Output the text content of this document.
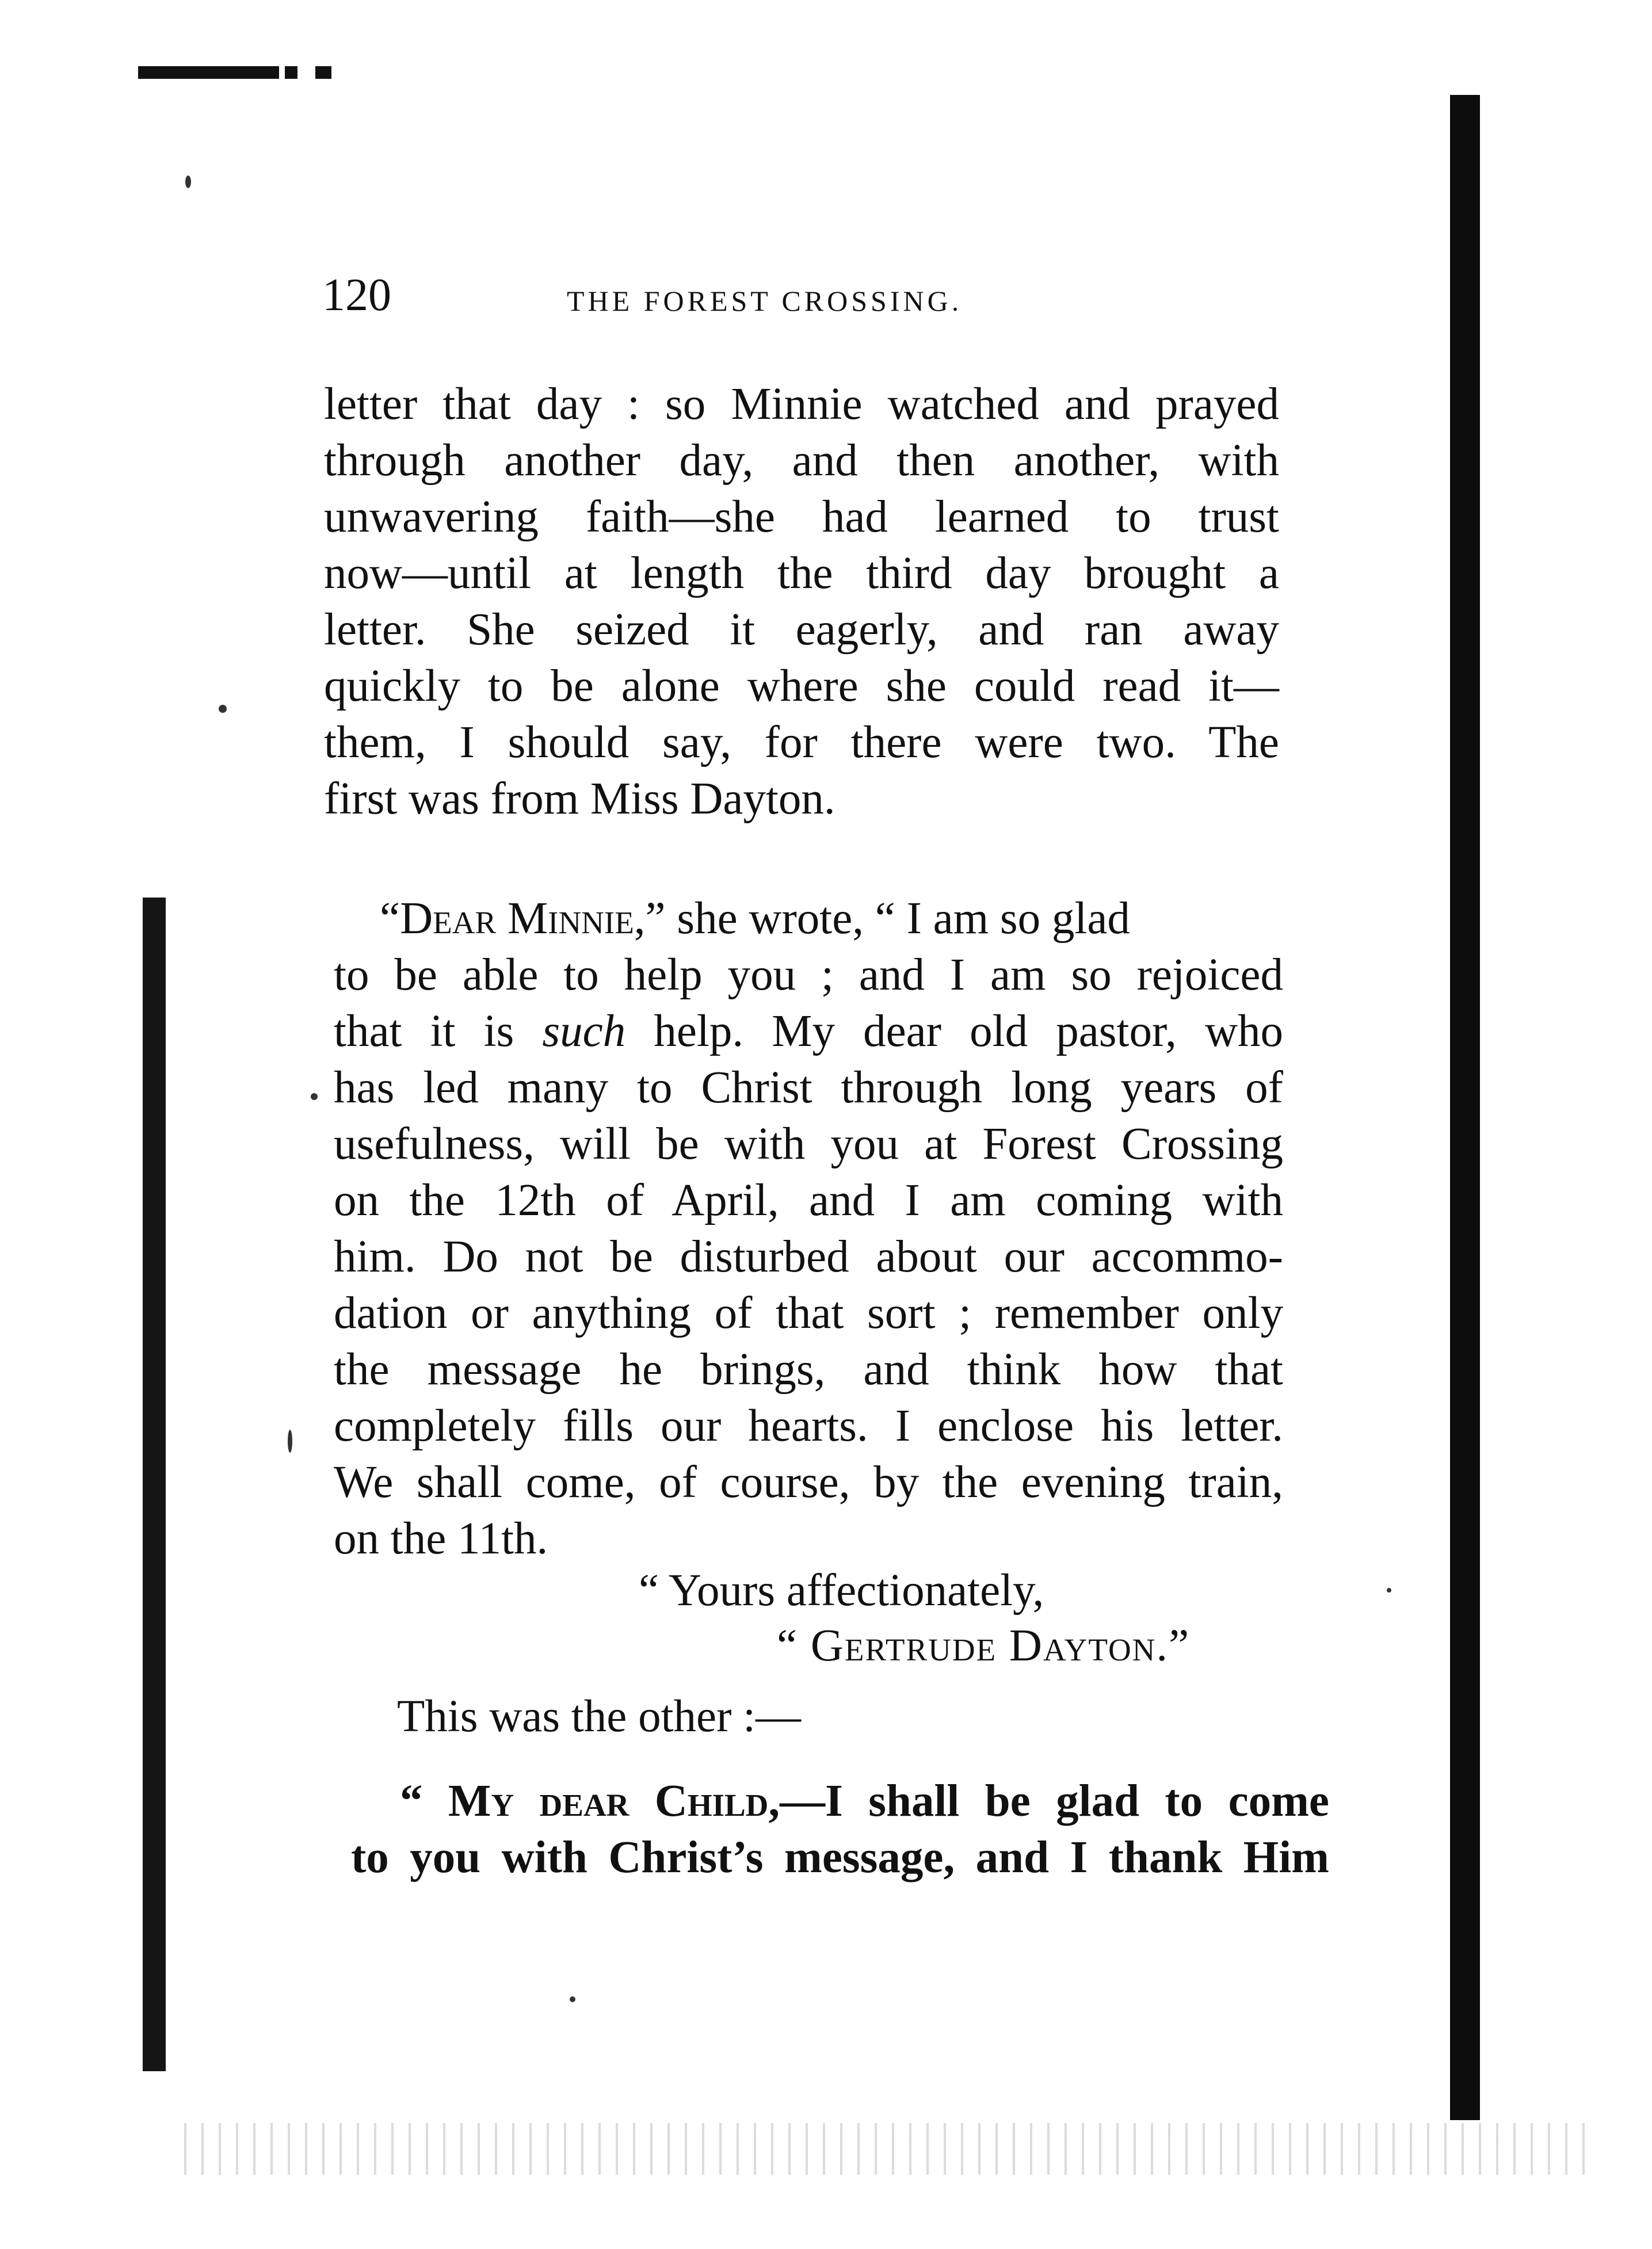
120	THE FOREST CROSSING.
letter that day : so Minnie watched and prayed
through another day, and then another, with
unwavering faith—she had learned to trust
now—until at length the third day brought a
letter. She seized it eagerly, and ran away
quickly to be alone where she could read it—
them, I should say, for there were two. The
first was from Miss Dayton.
“Dear Minnie,” she wrote, “ I am so glad
to be able to help you ; and I am so rejoiced
that it is such help. My dear old pastor, who
has led many to Christ through long years of
usefulness, will be with you at Forest Crossing
on the 12th of April, and I am coming with
him. Do not be disturbed about our accommo-
dation or anything of that sort ; remember only
the message he brings, and think how that
completely fills our hearts. I enclose his letter.
We shall come, of course, by the evening train,
on the 11th.
“ Yours affectionately,
“ Gertrude Dayton.”
This was the other :—
“ My dear Child,—I shall be glad to come
to you with Christ’s message, and I thank Him
